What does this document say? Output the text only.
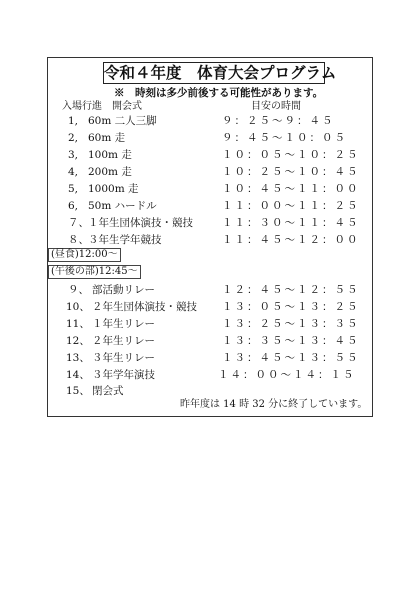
令和４年度　体育大会プログラム
※　時刻は多少前後する可能性があります。
入場行進　開会式	目安の時間
1, 60m 二人三脚	９：２５～９：４５
2, 60m 走	９：４５～１０：０５
3, 100m 走	１０：０５～１０：２５
4, 200m 走	１０：２５～１０：４５
5, 1000m 走	１０：４５～１１：００
6, 50m ハードル	１１：００～１１：２５
７、 １年生団体演技・競技	１１：３０～１１：４５
８、 ３年生学年競技	１１：４５～１２：００
(昼食)12:00～
(午後の部)12:45～
９、 部活動リレー	１２：４５～１２：５５
10、 ２年生団体演技・競技 １３：０５～１３：２５
11、 １年生リレー	１３：２５～１３：３５
12、 ２年生リレー	１３：３５～１３：４５
13、 ３年生リレー	１３：４５～１３：５５
14、 ３年学年演技	１４：００～１４：１５
15、 閉会式
昨年度は 14 時 32 分に終了しています。
